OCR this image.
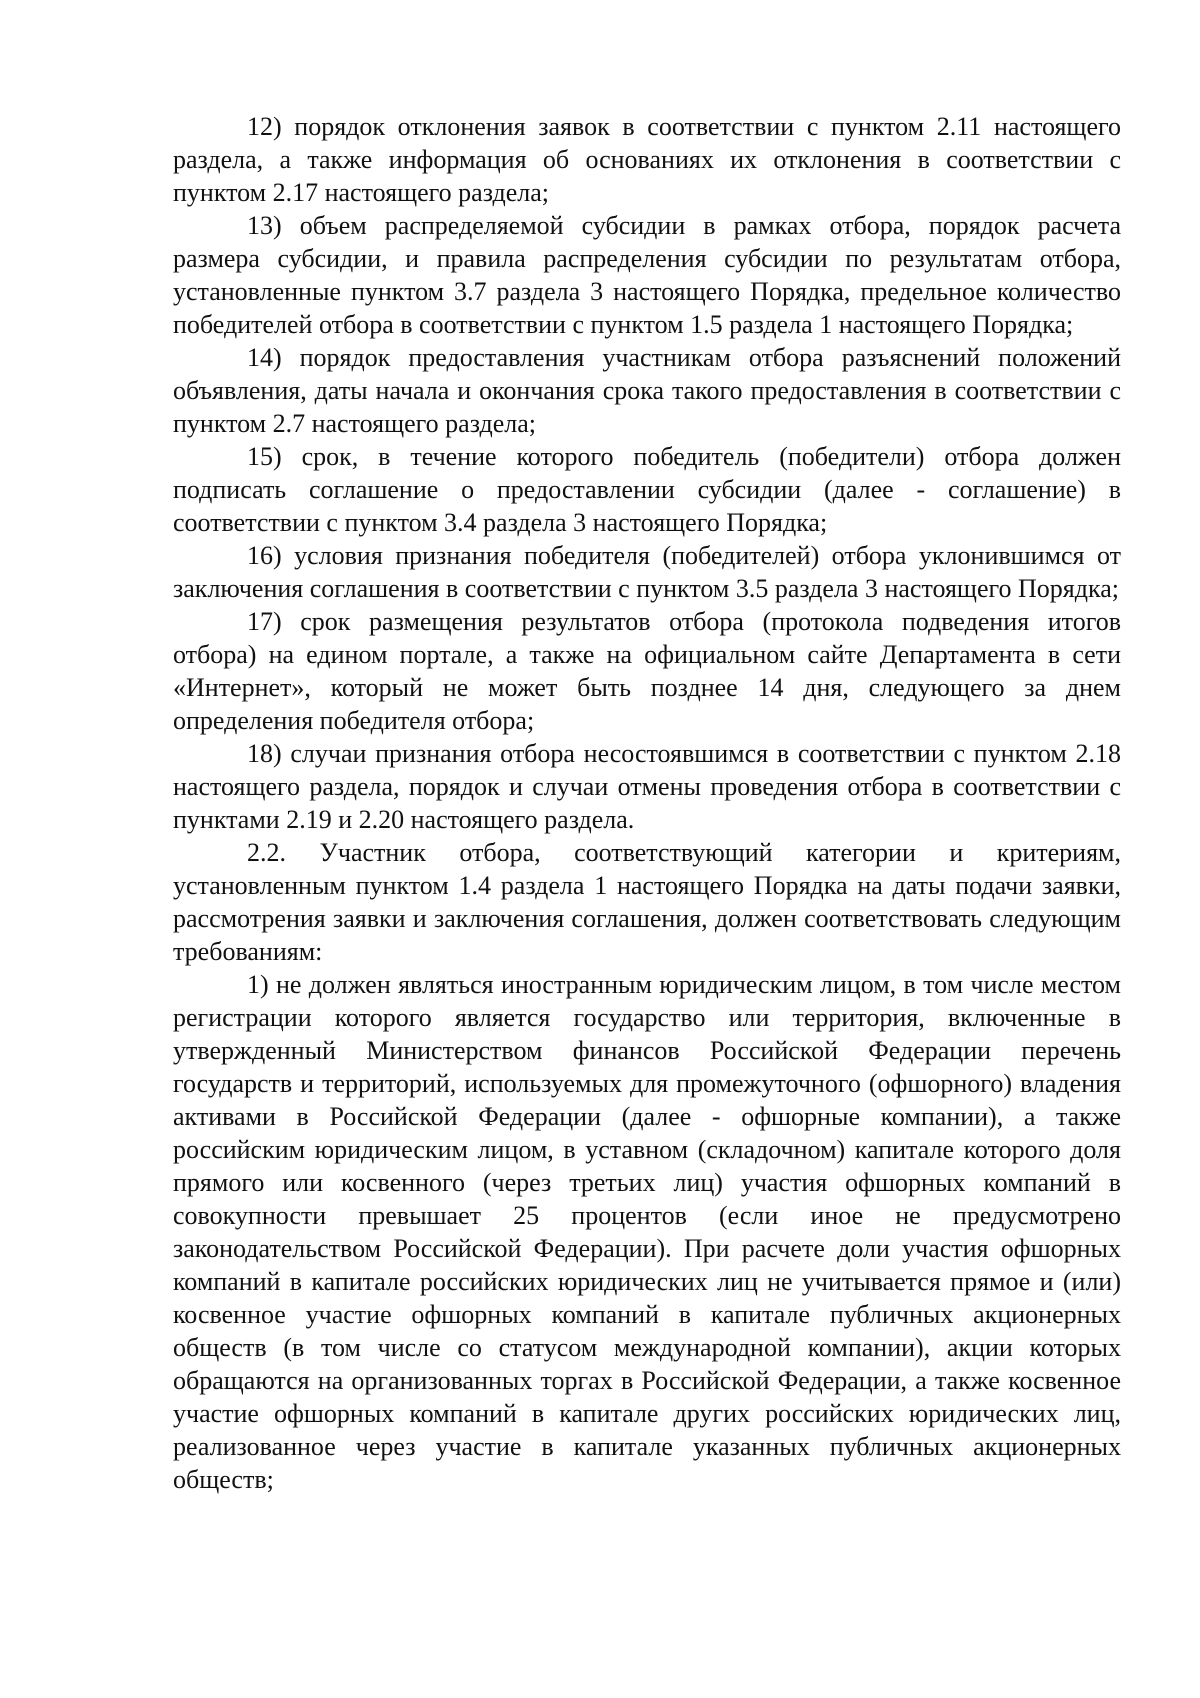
12) порядок отклонения заявок в соответствии с пунктом 2.11 настоящего раздела, а также информация об основаниях их отклонения в соответствии с пунктом 2.17 настоящего раздела;

13) объем распределяемой субсидии в рамках отбора, порядок расчета размера субсидии, и правила распределения субсидии по результатам отбора, установленные пунктом 3.7 раздела 3 настоящего Порядка, предельное количество победителей отбора в соответствии с пунктом 1.5 раздела 1 настоящего Порядка;

14) порядок предоставления участникам отбора разъяснений положений объявления, даты начала и окончания срока такого предоставления в соответствии с пунктом 2.7 настоящего раздела;

15) срок, в течение которого победитель (победители) отбора должен подписать соглашение о предоставлении субсидии (далее - соглашение) в соответствии с пунктом 3.4 раздела 3 настоящего Порядка;

16) условия признания победителя (победителей) отбора уклонившимся от заключения соглашения в соответствии с пунктом 3.5 раздела 3 настоящего Порядка;

17) срок размещения результатов отбора (протокола подведения итогов отбора) на едином портале, а также на официальном сайте Департамента в сети «Интернет», который не может быть позднее 14 дня, следующего за днем определения победителя отбора;

18) случаи признания отбора несостоявшимся в соответствии с пунктом 2.18 настоящего раздела, порядок и случаи отмены проведения отбора в соответствии с пунктами 2.19 и 2.20 настоящего раздела.

2.2. Участник отбора, соответствующий категории и критериям, установленным пунктом 1.4 раздела 1 настоящего Порядка на даты подачи заявки, рассмотрения заявки и заключения соглашения, должен соответствовать следующим требованиям:

1) не должен являться иностранным юридическим лицом, в том числе местом регистрации которого является государство или территория, включенные в утвержденный Министерством финансов Российской Федерации перечень государств и территорий, используемых для промежуточного (офшорного) владения активами в Российской Федерации (далее - офшорные компании), а также российским юридическим лицом, в уставном (складочном) капитале которого доля прямого или косвенного (через третьих лиц) участия офшорных компаний в совокупности превышает 25 процентов (если иное не предусмотрено законодательством Российской Федерации). При расчете доли участия офшорных компаний в капитале российских юридических лиц не учитывается прямое и (или) косвенное участие офшорных компаний в капитале публичных акционерных обществ (в том числе со статусом международной компании), акции которых обращаются на организованных торгах в Российской Федерации, а также косвенное участие офшорных компаний в капитале других российских юридических лиц, реализованное через участие в капитале указанных публичных акционерных обществ;
